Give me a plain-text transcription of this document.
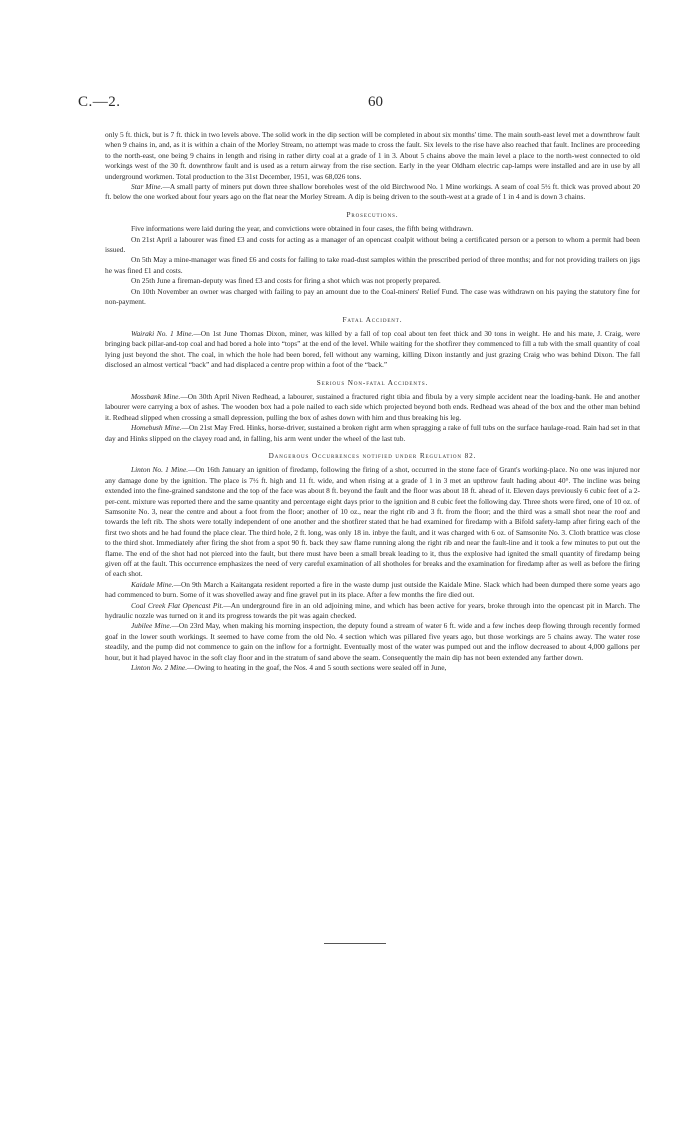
C.—2.	60

only 5 ft. thick, but is 7 ft. thick in two levels above. The solid work in the dip section will be completed in about six months' time. The main south-east level met a downthrow fault when 9 chains in, and, as it is within a chain of the Morley Stream, no attempt was made to cross the fault. Six levels to the rise have also reached that fault. Inclines are proceeding to the north-east, one being 9 chains in length and rising in rather dirty coal at a grade of 1 in 3. About 5 chains above the main level a place to the north-west connected to old workings west of the 30 ft. downthrow fault and is used as a return airway from the rise section. Early in the year Oldham electric cap-lamps were installed and are in use by all underground workmen. Total production to the 31st December, 1951, was 68,026 tons.

Star Mine.—A small party of miners put down three shallow boreholes west of the old Birchwood No. 1 Mine workings. A seam of coal 5½ ft. thick was proved about 20 ft. below the one worked about four years ago on the flat near the Morley Stream. A dip is being driven to the south-west at a grade of 1 in 4 and is down 3 chains.

Prosecutions.

Five informations were laid during the year, and convictions were obtained in four cases, the fifth being withdrawn.

On 21st April a labourer was fined £3 and costs for acting as a manager of an opencast coalpit without being a certificated person or a person to whom a permit had been issued.

On 5th May a mine-manager was fined £6 and costs for failing to take road-dust samples within the prescribed period of three months; and for not providing trailers on jigs he was fined £1 and costs.

On 25th June a fireman-deputy was fined £3 and costs for firing a shot which was not properly prepared.

On 10th November an owner was charged with failing to pay an amount due to the Coal-miners' Relief Fund. The case was withdrawn on his paying the statutory fine for non-payment.

Fatal Accident.

Wairaki No. 1 Mine.—On 1st June Thomas Dixon, miner, was killed by a fall of top coal about ten feet thick and 30 tons in weight. He and his mate, J. Craig, were bringing back pillar-and-top coal and had bored a hole into “tops” at the end of the level. While waiting for the shotfirer they commenced to fill a tub with the small quantity of coal lying just beyond the shot. The coal, in which the hole had been bored, fell without any warning, killing Dixon instantly and just grazing Craig who was behind Dixon. The fall disclosed an almost vertical “back” and had displaced a centre prop within a foot of the “back.”

Serious Non-fatal Accidents.

Mossbank Mine.—On 30th April Niven Redhead, a labourer, sustained a fractured right tibia and fibula by a very simple accident near the loading-bank. He and another labourer were carrying a box of ashes. The wooden box had a pole nailed to each side which projected beyond both ends. Redhead was ahead of the box and the other man behind it. Redhead slipped when crossing a small depression, pulling the box of ashes down with him and thus breaking his leg.

Homebush Mine.—On 21st May Fred. Hinks, horse-driver, sustained a broken right arm when spragging a rake of full tubs on the surface haulage-road. Rain had set in that day and Hinks slipped on the clayey road and, in falling, his arm went under the wheel of the last tub.

Dangerous Occurrences notified under Regulation 82.

Linton No. 1 Mine.—On 16th January an ignition of firedamp, following the firing of a shot, occurred in the stone face of Grant's working-place. No one was injured nor any damage done by the ignition. The place is 7½ ft. high and 11 ft. wide, and when rising at a grade of 1 in 3 met an upthrow fault hading about 40°. The incline was being extended into the fine-grained sandstone and the top of the face was about 8 ft. beyond the fault and the floor was about 18 ft. ahead of it. Eleven days previously 6 cubic feet of a 2-per-cent. mixture was reported there and the same quantity and percentage eight days prior to the ignition and 8 cubic feet the following day. Three shots were fired, one of 10 oz. of Samsonite No. 3, near the centre and about a foot from the floor; another of 10 oz., near the right rib and 3 ft. from the floor; and the third was a small shot near the roof and towards the left rib. The shots were totally independent of one another and the shotfirer stated that he had examined for firedamp with a Bifold safety-lamp after firing each of the first two shots and he had found the place clear. The third hole, 2 ft. long, was only 18 in. inbye the fault, and it was charged with 6 oz. of Samsonite No. 3. Cloth brattice was close to the third shot. Immediately after firing the shot from a spot 90 ft. back they saw flame running along the right rib and near the fault-line and it took a few minutes to put out the flame. The end of the shot had not pierced into the fault, but there must have been a small break leading to it, thus the explosive had ignited the small quantity of firedamp being given off at the fault. This occurrence emphasizes the need of very careful examination of all shotholes for breaks and the examination for firedamp after as well as before the firing of each shot.

Kaidale Mine.—On 9th March a Kaitangata resident reported a fire in the waste dump just outside the Kaidale Mine. Slack which had been dumped there some years ago had commenced to burn. Some of it was shovelled away and fine gravel put in its place. After a few months the fire died out.

Coal Creek Flat Opencast Pit.—An underground fire in an old adjoining mine, and which has been active for years, broke through into the opencast pit in March. The hydraulic nozzle was turned on it and its progress towards the pit was again checked.

Jubilee Mine.—On 23rd May, when making his morning inspection, the deputy found a stream of water 6 ft. wide and a few inches deep flowing through recently formed goaf in the lower south workings. It seemed to have come from the old No. 4 section which was pillared five years ago, but those workings are 5 chains away. The water rose steadily, and the pump did not commence to gain on the inflow for a fortnight. Eventually most of the water was pumped out and the inflow decreased to about 4,000 gallons per hour, but it had played havoc in the soft clay floor and in the stratum of sand above the seam. Consequently the main dip has not been extended any farther down.

Linton No. 2 Mine.—Owing to heating in the goaf, the Nos. 4 and 5 south sections were sealed off in June,
